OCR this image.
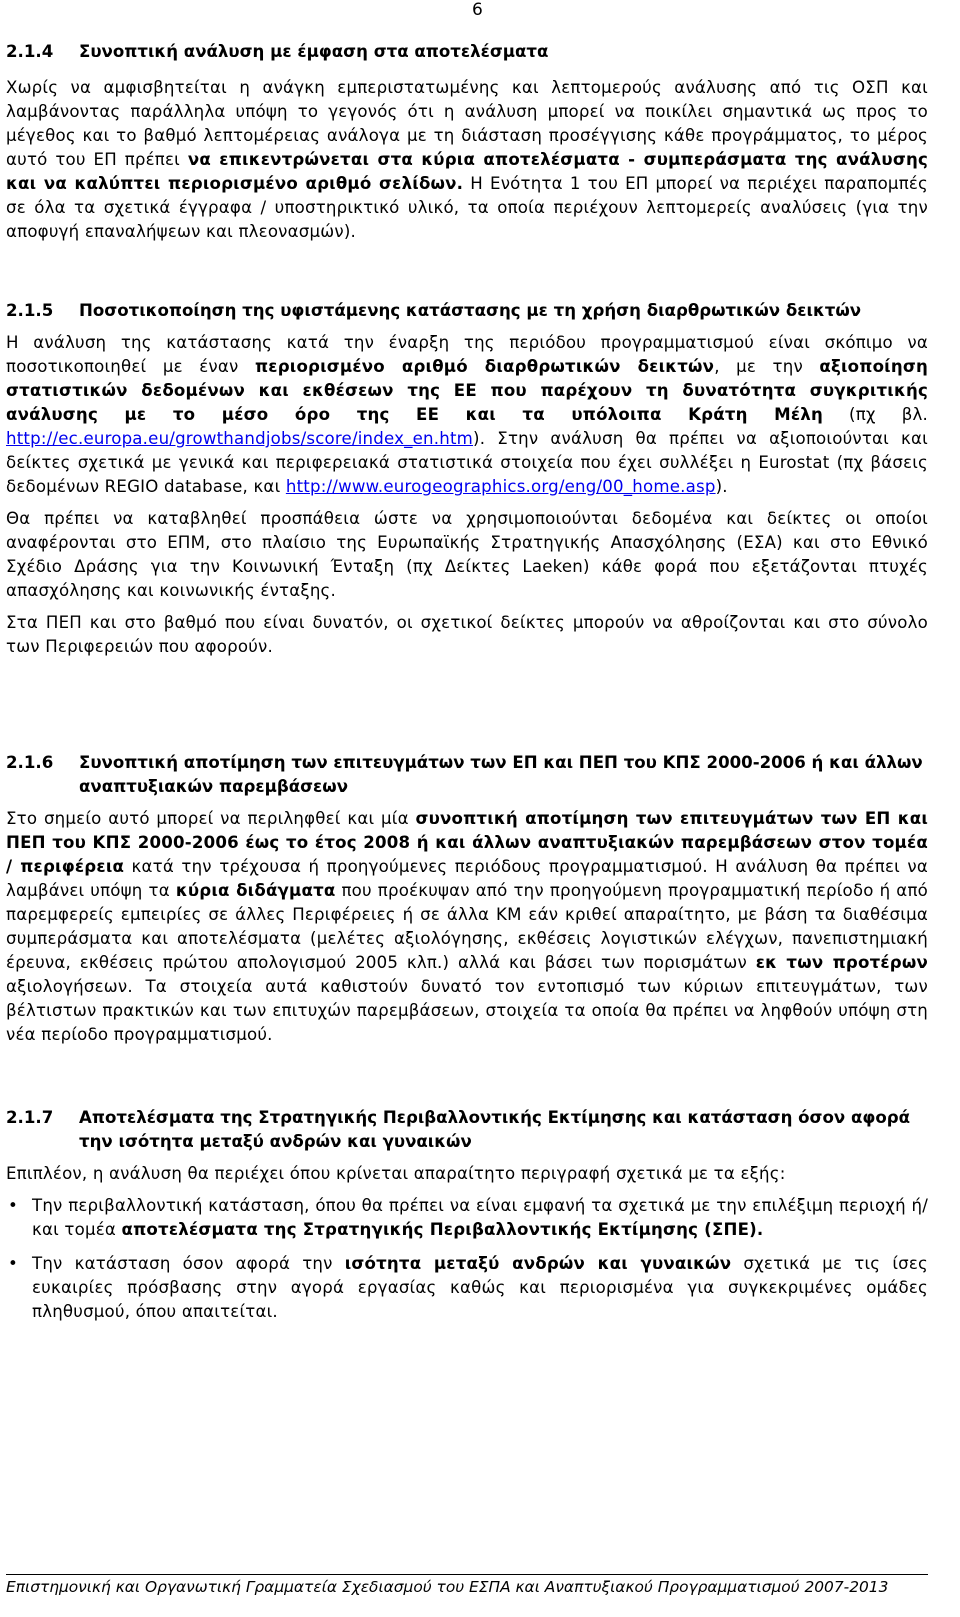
6
2.1.4	Συνοπτική ανάλυση με έμφαση στα αποτελέσματα

Χωρίς να αμφισβητείται η ανάγκη εμπεριστατωμένης και λεπτομερούς ανάλυσης από τις ΟΣΠ και λαμβάνοντας παράλληλα υπόψη το γεγονός ότι η ανάλυση μπορεί να ποικίλει σημαντικά ως προς το μέγεθος και το βαθμό λεπτομέρειας ανάλογα με τη διάσταση προσέγγισης κάθε προγράμματος, το μέρος αυτό του ΕΠ πρέπει να επικεντρώνεται στα κύρια αποτελέσματα - συμπεράσματα της ανάλυσης και να καλύπτει περιορισμένο αριθμό σελίδων. Η Ενότητα 1 του ΕΠ μπορεί να περιέχει παραπομπές σε όλα τα σχετικά έγγραφα / υποστηρικτικό υλικό, τα οποία περιέχουν λεπτομερείς αναλύσεις (για την αποφυγή επαναλήψεων και πλεονασμών).

2.1.5	Ποσοτικοποίηση της υφιστάμενης κατάστασης με τη χρήση διαρθρωτικών δεικτών

Η ανάλυση της κατάστασης κατά την έναρξη της περιόδου προγραμματισμού είναι σκόπιμο να ποσοτικοποιηθεί με έναν περιορισμένο αριθμό διαρθρωτικών δεικτών, με την αξιοποίηση στατιστικών δεδομένων και εκθέσεων της ΕΕ που παρέχουν τη δυνατότητα συγκριτικής ανάλυσης με το μέσο όρο της ΕΕ και τα υπόλοιπα Κράτη Μέλη (πχ βλ. http://ec.europa.eu/growthandjobs/score/index_en.htm). Στην ανάλυση θα πρέπει να αξιοποιούνται και δείκτες σχετικά με γενικά και περιφερειακά στατιστικά στοιχεία που έχει συλλέξει η Eurostat (πχ βάσεις δεδομένων REGIO database, και http://www.eurogeographics.org/eng/00_home.asp).

Θα πρέπει να καταβληθεί προσπάθεια ώστε να χρησιμοποιούνται δεδομένα και δείκτες οι οποίοι αναφέρονται στο ΕΠΜ, στο πλαίσιο της Ευρωπαϊκής Στρατηγικής Απασχόλησης (ΕΣΑ) και στο Εθνικό Σχέδιο Δράσης για την Κοινωνική Ένταξη (πχ Δείκτες Laeken) κάθε φορά που εξετάζονται πτυχές απασχόλησης και κοινωνικής ένταξης.

Στα ΠΕΠ και στο βαθμό που είναι δυνατόν, οι σχετικοί δείκτες μπορούν να αθροίζονται και στο σύνολο των Περιφερειών που αφορούν.

2.1.6	Συνοπτική αποτίμηση των επιτευγμάτων των ΕΠ και ΠΕΠ του ΚΠΣ 2000-2006 ή και άλλων αναπτυξιακών παρεμβάσεων

Στο σημείο αυτό μπορεί να περιληφθεί και μία συνοπτική αποτίμηση των επιτευγμάτων των ΕΠ και ΠΕΠ του ΚΠΣ 2000-2006 έως το έτος 2008 ή και άλλων αναπτυξιακών παρεμβάσεων στον τομέα / περιφέρεια κατά την τρέχουσα ή προηγούμενες περιόδους προγραμματισμού. Η ανάλυση θα πρέπει να λαμβάνει υπόψη τα κύρια διδάγματα που προέκυψαν από την προηγούμενη προγραμματική περίοδο ή από παρεμφερείς εμπειρίες σε άλλες Περιφέρειες ή σε άλλα ΚΜ εάν κριθεί απαραίτητο, με βάση τα διαθέσιμα συμπεράσματα και αποτελέσματα (μελέτες αξιολόγησης, εκθέσεις λογιστικών ελέγχων, πανεπιστημιακή έρευνα, εκθέσεις πρώτου απολογισμού 2005 κλπ.) αλλά και βάσει των πορισμάτων εκ των προτέρων αξιολογήσεων. Τα στοιχεία αυτά καθιστούν δυνατό τον εντοπισμό των κύριων επιτευγμάτων, των βέλτιστων πρακτικών και των επιτυχών παρεμβάσεων, στοιχεία τα οποία θα πρέπει να ληφθούν υπόψη στη νέα περίοδο προγραμματισμού.

2.1.7	Αποτελέσματα της Στρατηγικής Περιβαλλοντικής Εκτίμησης και κατάσταση όσον αφορά την ισότητα μεταξύ ανδρών και γυναικών

Επιπλέον, η ανάλυση θα περιέχει όπου κρίνεται απαραίτητο περιγραφή σχετικά με τα εξής:

• Την περιβαλλοντική κατάσταση, όπου θα πρέπει να είναι εμφανή τα σχετικά με την επιλέξιμη περιοχή ή/και τομέα αποτελέσματα της Στρατηγικής Περιβαλλοντικής Εκτίμησης (ΣΠΕ).
• Την κατάσταση όσον αφορά την ισότητα μεταξύ ανδρών και γυναικών σχετικά με τις ίσες ευκαιρίες πρόσβασης στην αγορά εργασίας καθώς και περιορισμένα για συγκεκριμένες ομάδες πληθυσμού, όπου απαιτείται.
Επιστημονική και Οργανωτική Γραμματεία Σχεδιασμού του ΕΣΠΑ και Αναπτυξιακού Προγραμματισμού 2007-2013
